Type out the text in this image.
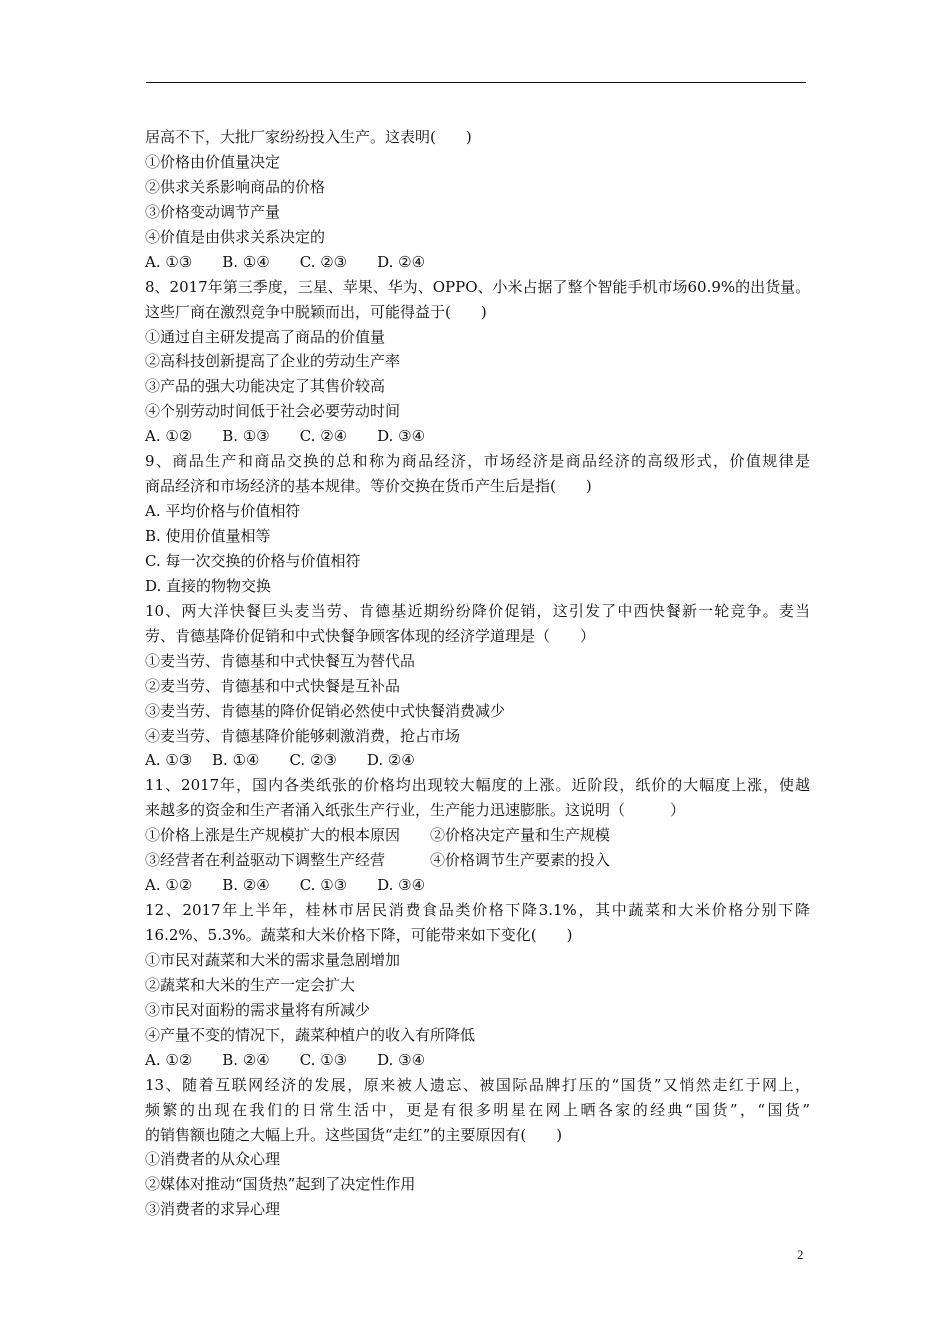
居高不下，大批厂家纷纷投入生产。这表明(　　)
①价格由价值量决定
②供求关系影响商品的价格
③价格变动调节产量
④价值是由供求关系决定的
A. ①③　　B. ①④　　C. ②③　　D. ②④
8、2017年第三季度，三星、苹果、华为、OPPO、小米占据了整个智能手机市场60.9%的出货量。
这些厂商在激烈竞争中脱颖而出，可能得益于(　　)
①通过自主研发提高了商品的价值量
②高科技创新提高了企业的劳动生产率
③产品的强大功能决定了其售价较高
④个别劳动时间低于社会必要劳动时间
A. ①②　　B. ①③　　C. ②④　　D. ③④
9、商品生产和商品交换的总和称为商品经济，市场经济是商品经济的高级形式，价值规律是
商品经济和市场经济的基本规律。等价交换在货币产生后是指(　　)
A. 平均价格与价值相符
B. 使用价值量相等
C. 每一次交换的价格与价值相符
D. 直接的物物交换
10、两大洋快餐巨头麦当劳、肯德基近期纷纷降价促销，这引发了中西快餐新一轮竞争。麦当
劳、肯德基降价促销和中式快餐争顾客体现的经济学道理是（　　）
①麦当劳、肯德基和中式快餐互为替代品
②麦当劳、肯德基和中式快餐是互补品
③麦当劳、肯德基的降价促销必然使中式快餐消费减少
④麦当劳、肯德基降价能够刺激消费，抢占市场
A. ①③　 B. ①④　　C. ②③　　D. ②④
11、2017年，国内各类纸张的价格均出现较大幅度的上涨。近阶段，纸价的大幅度上涨，使越
来越多的资金和生产者涌入纸张生产行业，生产能力迅速膨胀。这说明（　　　）
①价格上涨是生产规模扩大的根本原因　　②价格决定产量和生产规模
③经营者在利益驱动下调整生产经营　　　④价格调节生产要素的投入
A. ①②　　B. ②④　　C. ①③　　D. ③④
12、2017年上半年，桂林市居民消费食品类价格下降3.1%，其中蔬菜和大米价格分别下降
16.2%、5.3%。蔬菜和大米价格下降，可能带来如下变化(　　)
①市民对蔬菜和大米的需求量急剧增加
②蔬菜和大米的生产一定会扩大
③市民对面粉的需求量将有所减少
④产量不变的情况下，蔬菜种植户的收入有所降低
A. ①②　　B. ②④　　C. ①③　　D. ③④
13、随着互联网经济的发展，原来被人遗忘、被国际品牌打压的“国货”又悄然走红于网上，
频繁的出现在我们的日常生活中，更是有很多明星在网上晒各家的经典“国货”，“国货”
的销售额也随之大幅上升。这些国货“走红”的主要原因有(　　)
①消费者的从众心理
②媒体对推动“国货热”起到了决定性作用
③消费者的求异心理
2
